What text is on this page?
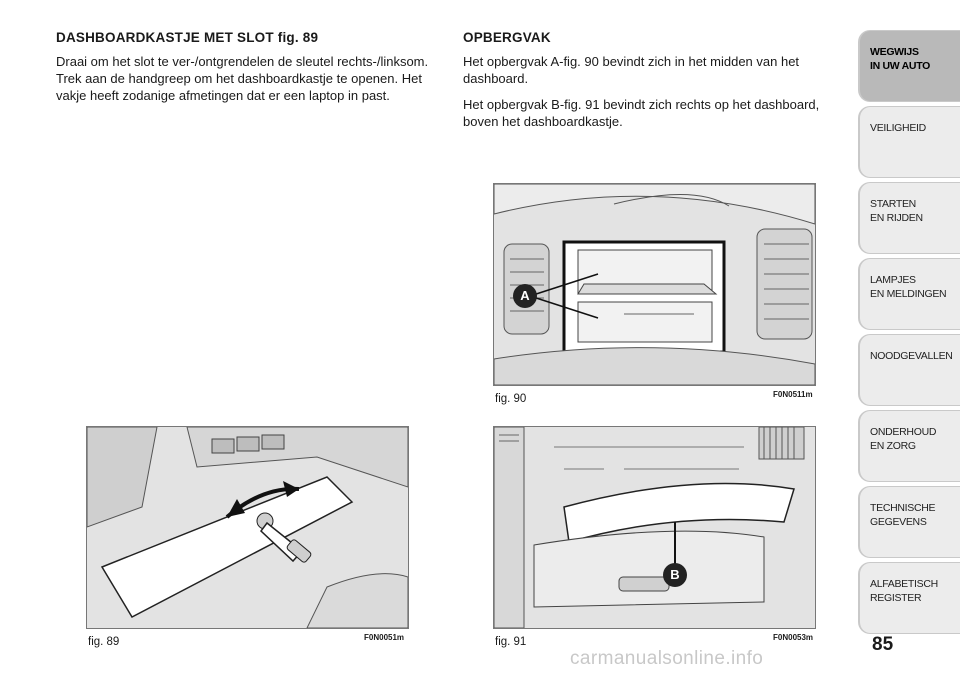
DASHBOARDKASTJE MET SLOT fig. 89

Draai om het slot te ver-/ontgrendelen de sleutel rechts-/linksom. Trek aan de handgreep om het dashboardkastje te openen. Het vakje heeft zodanige afmetingen dat er een laptop in past.

OPBERGVAK

Het opbergvak A-fig. 90 bevindt zich in het midden van het dashboard.

Het opbergvak B-fig. 91 bevindt zich rechts op het dashboard, boven het dashboardkastje.

A
fig. 90	F0N0511m
fig. 89	F0N0051m
B
fig. 91	F0N0053m
WEGWIJS
IN UW AUTO
VEILIGHEID
STARTEN
EN RIJDEN
LAMPJES
EN MELDINGEN
NOODGEVALLEN
ONDERHOUD
EN ZORG
TECHNISCHE
GEGEVENS
ALFABETISCH
REGISTER
85
carmanualsonline.info
